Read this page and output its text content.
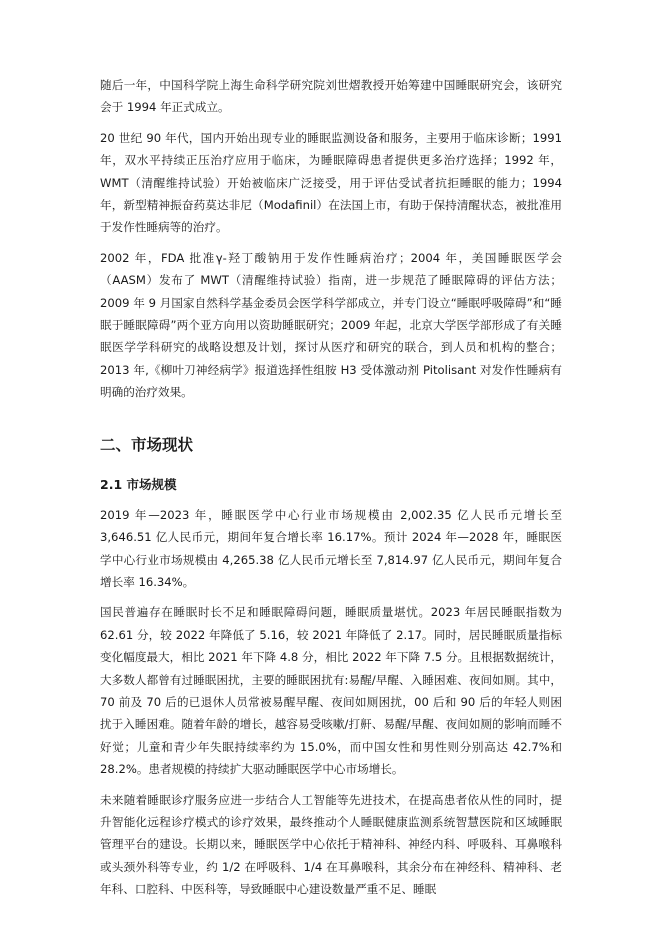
随后一年，中国科学院上海生命科学研究院刘世熠教授开始筹建中国睡眠研究会，该研究会于 1994 年正式成立。

20 世纪 90 年代，国内开始出现专业的睡眠监测设备和服务，主要用于临床诊断；1991 年，双水平持续正压治疗应用于临床，为睡眠障碍患者提供更多治疗选择；1992 年，WMT（清醒维持试验）开始被临床广泛接受，用于评估受试者抗拒睡眠的能力；1994 年，新型精神振奋药莫达非尼（Modafinil）在法国上市，有助于保持清醒状态，被批准用于发作性睡病等的治疗。

2002 年，FDA 批准γ-羟丁酸钠用于发作性睡病治疗；2004 年，美国睡眠医学会（AASM）发布了 MWT（清醒维持试验）指南，进一步规范了睡眠障碍的评估方法；2009 年 9 月国家自然科学基金委员会医学科学部成立，并专门设立“睡眠呼吸障碍”和“睡眠于睡眠障碍”两个亚方向用以资助睡眠研究；2009 年起，北京大学医学部形成了有关睡眠医学学科研究的战略设想及计划，探讨从医疗和研究的联合，到人员和机构的整合；2013 年,《柳叶刀神经病学》报道选择性组胺 H3 受体激动剂 Pitolisant 对发作性睡病有明确的治疗效果。

二、市场现状
2.1 市场规模

2019 年—2023 年，睡眠医学中心行业市场规模由 2,002.35 亿人民币元增长至 3,646.51 亿人民币元，期间年复合增长率 16.17%。预计 2024 年—2028 年，睡眠医学中心行业市场规模由 4,265.38 亿人民币元增长至 7,814.97 亿人民币元，期间年复合增长率 16.34%。

国民普遍存在睡眠时长不足和睡眠障碍问题，睡眠质量堪忧。2023 年居民睡眠指数为 62.61 分，较 2022 年降低了 5.16，较 2021 年降低了 2.17。同时，居民睡眠质量指标变化幅度最大，相比 2021 年下降 4.8 分，相比 2022 年下降 7.5 分。且根据数据统计，大多数人都曾有过睡眠困扰，主要的睡眠困扰有:易醒/早醒、入睡困难、夜间如厕。其中，70 前及 70 后的已退休人员常被易醒早醒、夜间如厕困扰，00 后和 90 后的年轻人则困扰于入睡困难。随着年龄的增长，越容易受咳嗽/打鼾、易醒/早醒、夜间如厕的影响而睡不好觉；儿童和青少年失眠持续率约为 15.0%，而中国女性和男性则分别高达 42.7%和 28.2%。患者规模的持续扩大驱动睡眠医学中心市场增长。

未来随着睡眠诊疗服务应进一步结合人工智能等先进技术，在提高患者依从性的同时，提升智能化远程诊疗模式的诊疗效果，最终推动个人睡眠健康监测系统智慧医院和区域睡眠管理平台的建设。长期以来，睡眠医学中心依托于精神科、神经内科、呼吸科、耳鼻喉科或头颈外科等专业，约 1/2 在呼吸科、1/4 在耳鼻喉科，其余分布在神经科、精神科、老年科、口腔科、中医科等，导致睡眠中心建设数量严重不足、睡眠
